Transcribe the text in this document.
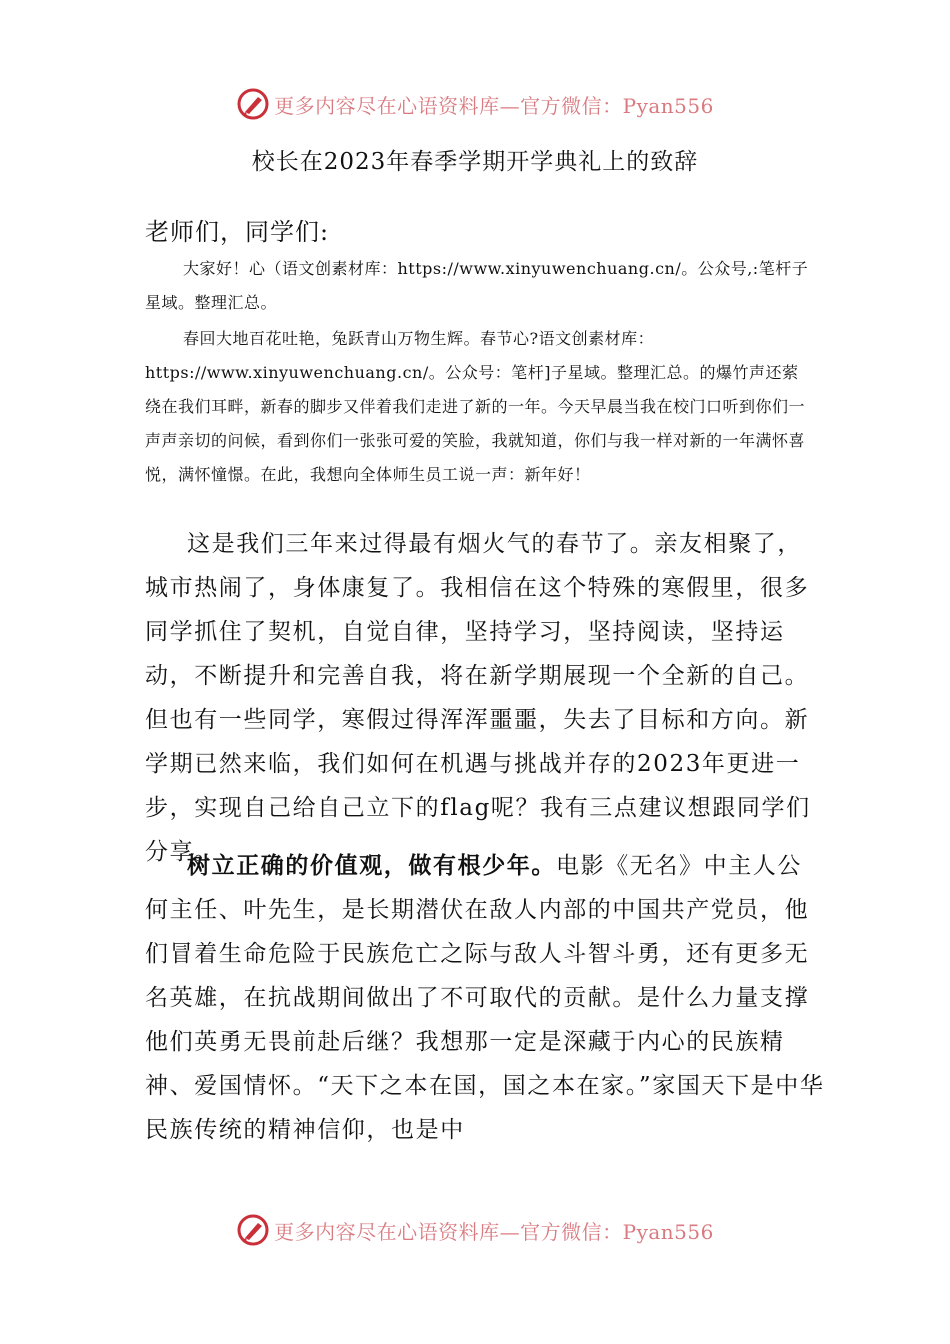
更多内容尽在心语资料库—官方微信：Pyan556
校长在2023年春季学期开学典礼上的致辞
老师们，同学们:

大家好！心（语文创素材库：https://www.xinyuwenchuang.cn/。公众号,:笔杆子星域。整理汇总。

春回大地百花吐艳，兔跃青山万物生辉。春节心?语文创素材库：https://www.xinyuwenchuang.cn/。公众号：笔杆]子星域。整理汇总。的爆竹声还萦绕在我们耳畔，新春的脚步又伴着我们走进了新的一年。今天早晨当我在校门口听到你们一声声亲切的问候，看到你们一张张可爱的笑脸，我就知道，你们与我一样对新的一年满怀喜悦，满怀憧憬。在此，我想向全体师生员工说一声：新年好！

这是我们三年来过得最有烟火气的春节了。亲友相聚了，城市热闹了，身体康复了。我相信在这个特殊的寒假里，很多同学抓住了契机，自觉自律，坚持学习，坚持阅读，坚持运动，不断提升和完善自我，将在新学期展现一个全新的自己。但也有一些同学，寒假过得浑浑噩噩，失去了目标和方向。新学期已然来临，我们如何在机遇与挑战并存的2023年更进一步，实现自己给自己立下的flag呢？我有三点建议想跟同学们分享。

树立正确的价值观，做有根少年。电影《无名》中主人公何主任、叶先生，是长期潜伏在敌人内部的中国共产党员，他们冒着生命危险于民族危亡之际与敌人斗智斗勇，还有更多无名英雄，在抗战期间做出了不可取代的贡献。是什么力量支撑他们英勇无畏前赴后继？我想那一定是深藏于内心的民族精神、爱国情怀。“天下之本在国，国之本在家。”家国天下是中华民族传统的精神信仰，也是中

更多内容尽在心语资料库—官方微信：Pyan556
